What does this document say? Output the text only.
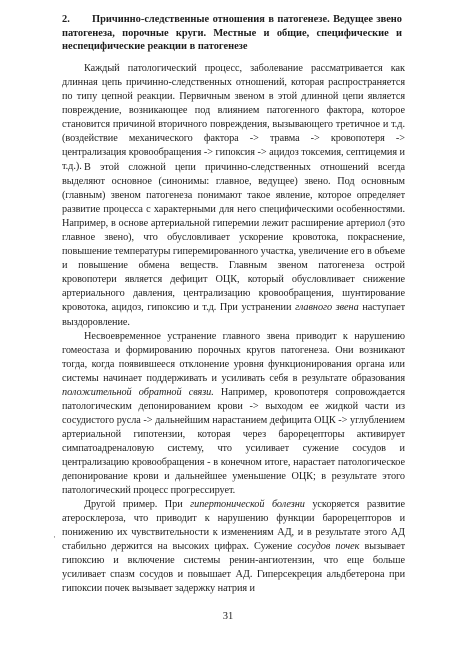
2. Причинно-следственные отношения в патогенезе. Ведущее звено патогенеза, порочные круги. Местные и общие, специфические и неспецифические реакции в патогенезе

Каждый патологический процесс, заболевание рассматривается как длинная цепь причинно-следственных отношений, которая распространяется по типу цепной реакции. Первичным звеном в этой длинной цепи является повреждение, возникающее под влиянием патогенного фактора, которое становится причиной вторичного повреждения, вызывающего третичное и т.д. (воздействие механического фактора -> травма -> кровопотеря -> централизация кровообращения -> гипоксия -> ацидоз токсемия, септицемия и т.д.). В этой сложной цепи причинно-следственных отношений всегда выделяют основное (синонимы: главное, ведущее) звено. Под основным (главным) звеном патогенеза понимают такое явление, которое определяет развитие процесса с характерными для него специфическими особенностями. Например, в основе артериальной гиперемии лежит расширение артериол (это главное звено), что обусловливает ускорение кровотока, покраснение, повышение температуры гиперемированного участка, увеличение его в объеме и повышение обмена веществ. Главным звеном патогенеза острой кровопотери является дефицит ОЦК, который обусловливает снижение артериального давления, централизацию кровообращения, шунтирование кровотока, ацидоз, гипоксию и т.д. При устранении главного звена наступает выздоровление.

Несвоевременное устранение главного звена приводит к нарушению гомеостаза и формированию порочных кругов патогенеза. Они возникают тогда, когда появившееся отклонение уровня функционирования органа или системы начинает поддерживать и усиливать себя в результате образования положительной обратной связи. Например, кровопотеря сопровождается патологическим депонированием крови -> выходом ее жидкой части из сосудистого русла -> дальнейшим нарастанием дефицита ОЦК -> углублением артериальной гипотензии, которая через барорецепторы активирует симпатоадреналовую систему, что усиливает сужение сосудов и централизацию кровообращения - в конечном итоге, нарастает патологическое депонирование крови и дальнейшее уменьшение ОЦК; в результате этого патологический процесс прогрессирует.

Другой пример. При гипертонической болезни ускоряется развитие атеросклероза, что приводит к нарушению функции барорецепторов и понижению их чувствительности к изменениям АД, и в результате этого АД стабильно держится на высоких цифрах. Сужение сосудов почек вызывает гипоксию и включение системы ренин-ангиотензин, что еще больше усиливает спазм сосудов и повышает АД. Гиперсекреция альдбетерона при гипоксии почек вызывает задержку натрия и

·
31
